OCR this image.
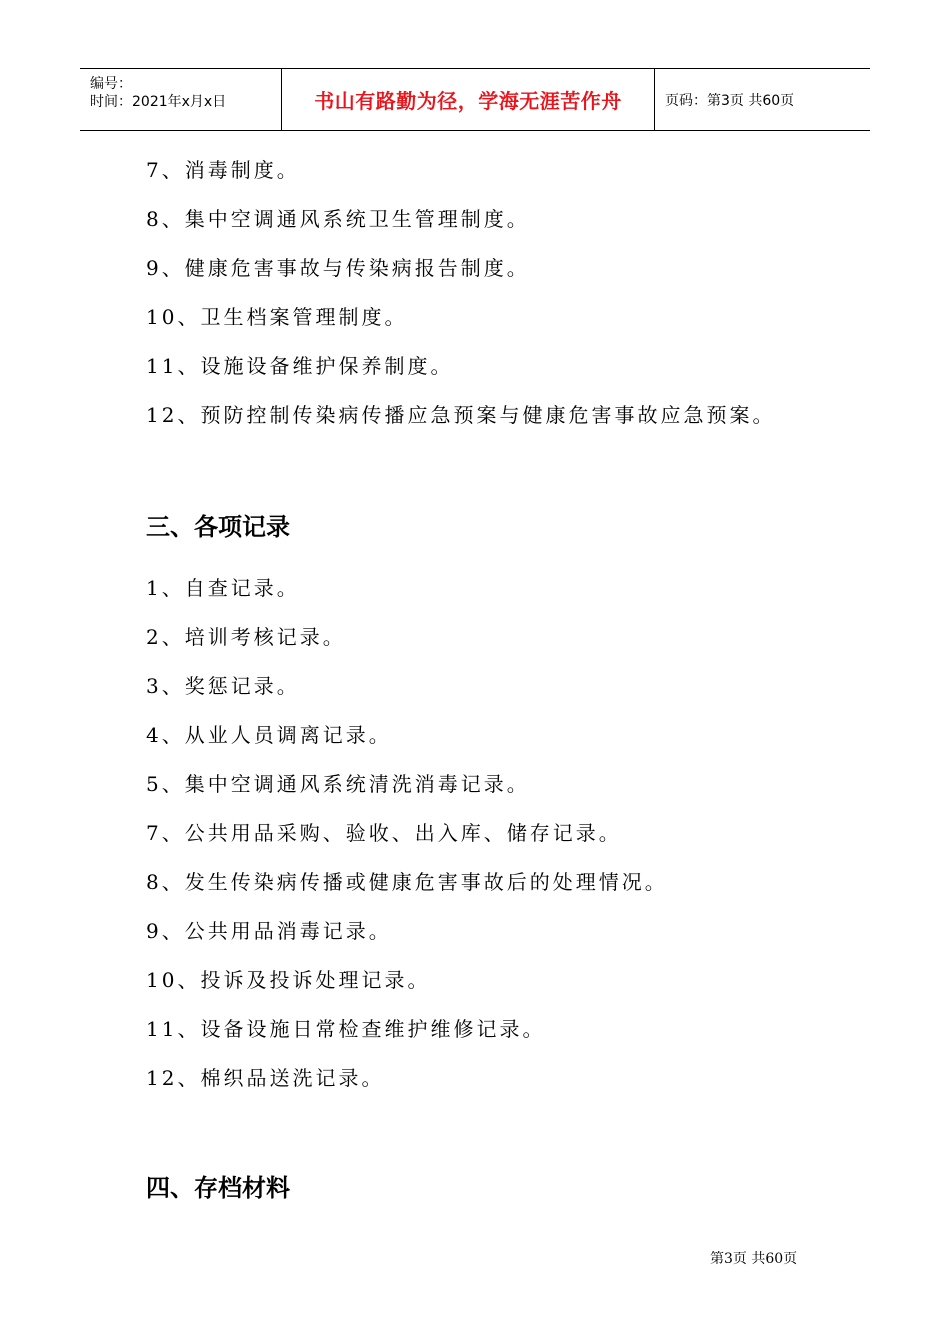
编号：
时间：2021年x月x日	书山有路勤为径，学海无涯苦作舟	页码：第3页 共60页
7、消毒制度。
8、集中空调通风系统卫生管理制度。
9、健康危害事故与传染病报告制度。
10、卫生档案管理制度。
11、设施设备维护保养制度。
12、预防控制传染病传播应急预案与健康危害事故应急预案。
三、各项记录
1、自查记录。
2、培训考核记录。
3、奖惩记录。
4、从业人员调离记录。
5、集中空调通风系统清洗消毒记录。
7、公共用品采购、验收、出入库、储存记录。
8、发生传染病传播或健康危害事故后的处理情况。
9、公共用品消毒记录。
10、投诉及投诉处理记录。
11、设备设施日常检查维护维修记录。
12、棉织品送洗记录。
四、存档材料
第3页 共60页
